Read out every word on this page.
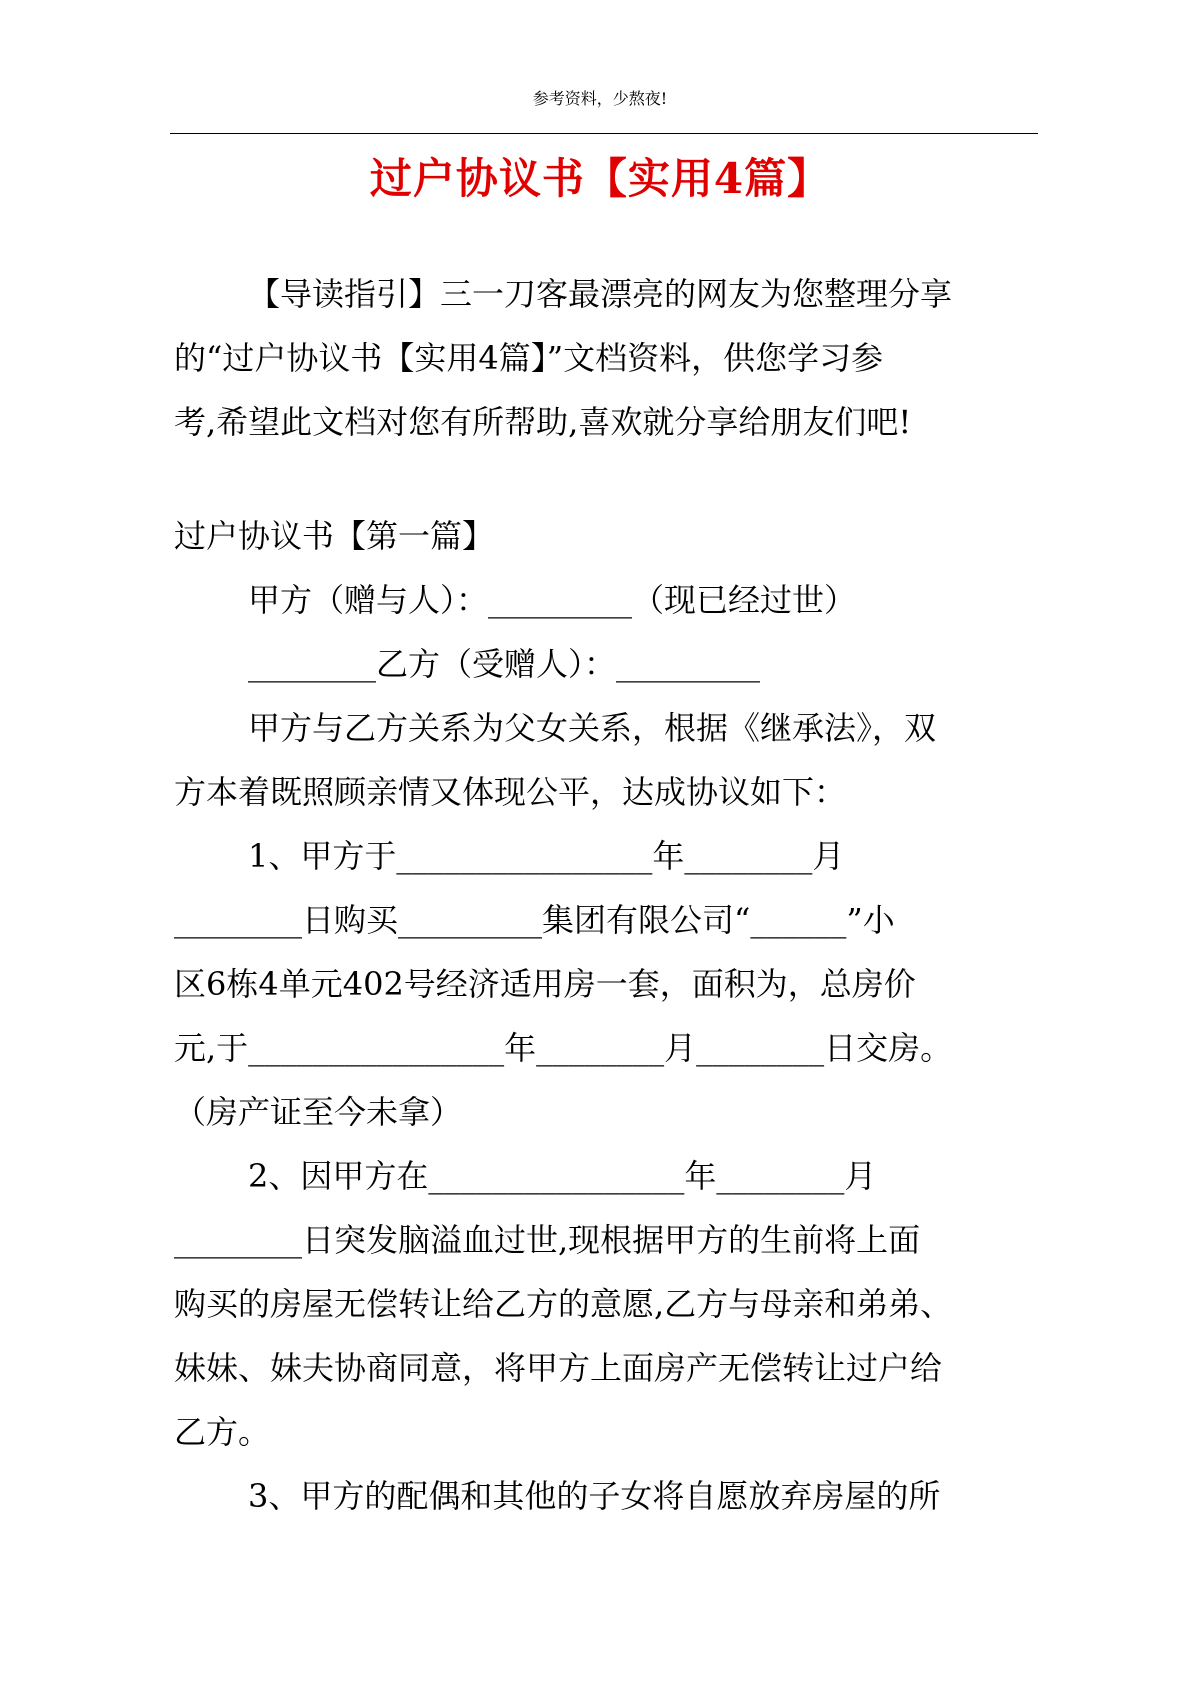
参考资料，少熬夜!
过户协议书【实用4篇】
【导读指引】三一刀客最漂亮的网友为您整理分享
的“过户协议书【实用4篇】”文档资料，供您学习参
考,希望此文档对您有所帮助,喜欢就分享给朋友们吧!
过户协议书【第一篇】
甲方（赠与人）：_________（现已经过世）
________乙方（受赠人）：_________
甲方与乙方关系为父女关系，根据《继承法》，双
方本着既照顾亲情又体现公平，达成协议如下：
1、甲方于________________年________月
________日购买_________集团有限公司“______”小
区6栋4单元402号经济适用房一套，面积为，总房价
元,于________________年________月________日交房。
（房产证至今未拿）
2、因甲方在________________年________月
________日突发脑溢血过世,现根据甲方的生前将上面
购买的房屋无偿转让给乙方的意愿,乙方与母亲和弟弟、
妹妹、妹夫协商同意，将甲方上面房产无偿转让过户给
乙方。
3、甲方的配偶和其他的子女将自愿放弃房屋的所
